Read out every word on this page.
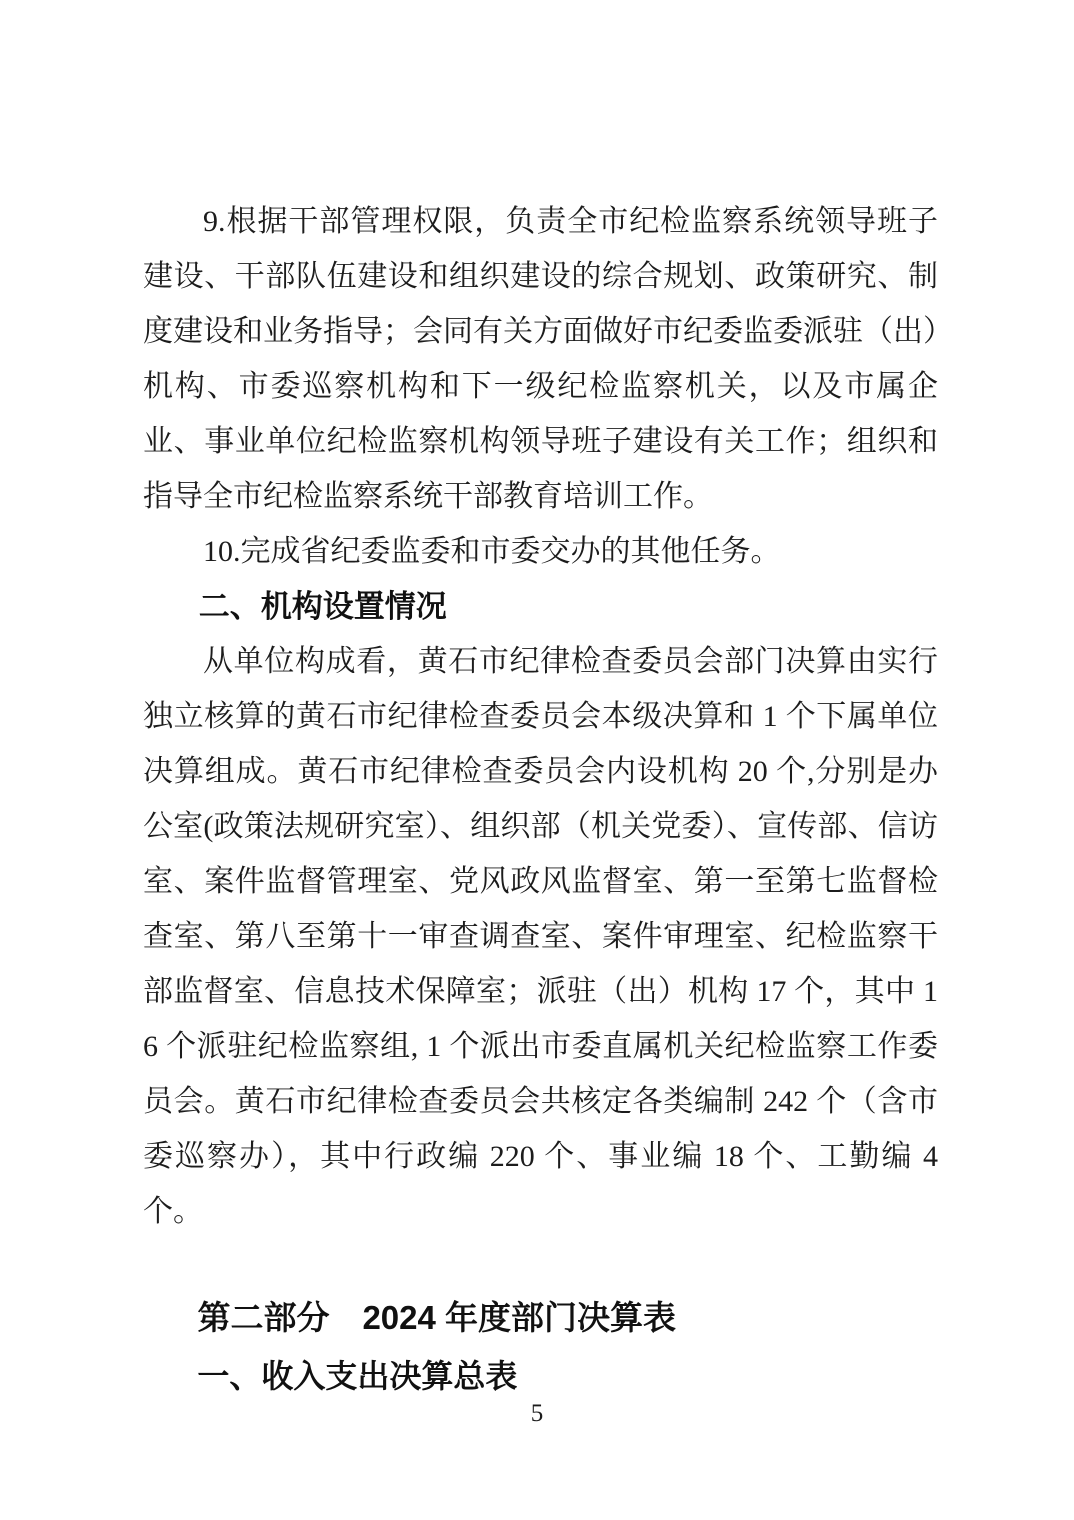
9.根据干部管理权限，负责全市纪检监察系统领导班子建设、干部队伍建设和组织建设的综合规划、政策研究、制度建设和业务指导；会同有关方面做好市纪委监委派驻（出）机构、市委巡察机构和下一级纪检监察机关，以及市属企业、事业单位纪检监察机构领导班子建设有关工作；组织和指导全市纪检监察系统干部教育培训工作。

10.完成省纪委监委和市委交办的其他任务。

二、机构设置情况

从单位构成看，黄石市纪律检查委员会部门决算由实行独立核算的黄石市纪律检查委员会本级决算和 1 个下属单位决算组成。黄石市纪律检查委员会内设机构 20 个,分别是办公室(政策法规研究室）、组织部（机关党委）、宣传部、信访室、案件监督管理室、党风政风监督室、第一至第七监督检查室、第八至第十一审查调查室、案件审理室、纪检监察干部监督室、信息技术保障室；派驻（出）机构 17 个，其中 16 个派驻纪检监察组, 1 个派出市委直属机关纪检监察工作委员会。黄石市纪律检查委员会共核定各类编制 242 个（含市委巡察办），其中行政编 220 个、事业编 18 个、工勤编 4 个。

第二部分　2024 年度部门决算表
一、收入支出决算总表
5
